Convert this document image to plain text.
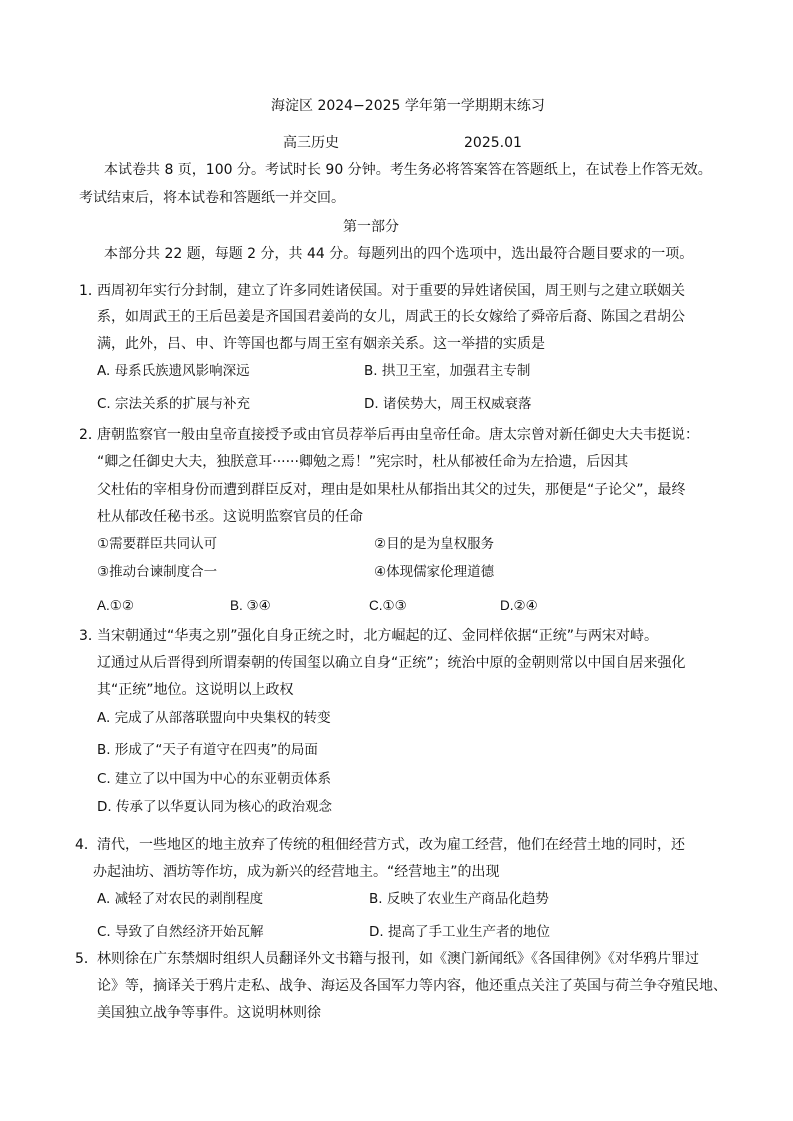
海淀区 2024−2025 学年第一学期期末练习
高三历史	2025.01
本试卷共 8 页，100 分。考试时长 90 分钟。考生务必将答案答在答题纸上，在试卷上作答无效。
考试结束后，将本试卷和答题纸一并交回。
第一部分
本部分共 22 题，每题 2 分，共 44 分。每题列出的四个选项中，选出最符合题目要求的一项。
1．
西周初年实行分封制，建立了许多同姓诸侯国。对于重要的异姓诸侯国，周王则与之建立联姻关
系，如周武王的王后邑姜是齐国国君姜尚的女儿，周武王的长女嫁给了舜帝后裔、陈国之君胡公
满，此外，吕、申、许等国也都与周王室有姻亲关系。这一举措的实质是
A. 母系氏族遗风影响深远	B. 拱卫王室，加强君主专制
C. 宗法关系的扩展与补充	D. 诸侯势大，周王权威衰落
2．
唐朝监察官一般由皇帝直接授予或由官员荐举后再由皇帝任命。唐太宗曾对新任御史大夫韦挺说：
“卿之任御史大夫，独朕意耳······卿勉之焉！”宪宗时，杜从郁被任命为左拾遗，后因其
父杜佑的宰相身份而遭到群臣反对，理由是如果杜从郁指出其父的过失，那便是“子论父”，最终
杜从郁改任秘书丞。这说明监察官员的任命
①需要群臣共同认可	②目的是为皇权服务
③推动台谏制度合一	④体现儒家伦理道德
A.①②	B. ③④	C.①③	D.②④
3．
当宋朝通过“华夷之别”强化自身正统之时，北方崛起的辽、金同样依据“正统”与两宋对峙。
辽通过从后晋得到所谓秦朝的传国玺以确立自身“正统”；统治中原的金朝则常以中国自居来强化
其“正统”地位。这说明以上政权
A. 完成了从部落联盟向中央集权的转变
B. 形成了“天子有道守在四夷”的局面
C. 建立了以中国为中心的东亚朝贡体系
D. 传承了以华夏认同为核心的政治观念
4． 清代，一些地区的地主放弃了传统的租佃经营方式，改为雇工经营，他们在经营土地的同时，还
办起油坊、酒坊等作坊，成为新兴的经营地主。“经营地主”的出现
A. 减轻了对农民的剥削程度	B. 反映了农业生产商品化趋势
C. 导致了自然经济开始瓦解	D. 提高了手工业生产者的地位
5． 林则徐在广东禁烟时组织人员翻译外文书籍与报刊，如《澳门新闻纸》《各国律例》《对华鸦片罪过
论》等，摘译关于鸦片走私、战争、海运及各国军力等内容，他还重点关注了英国与荷兰争夺殖民地、
美国独立战争等事件。这说明林则徐
